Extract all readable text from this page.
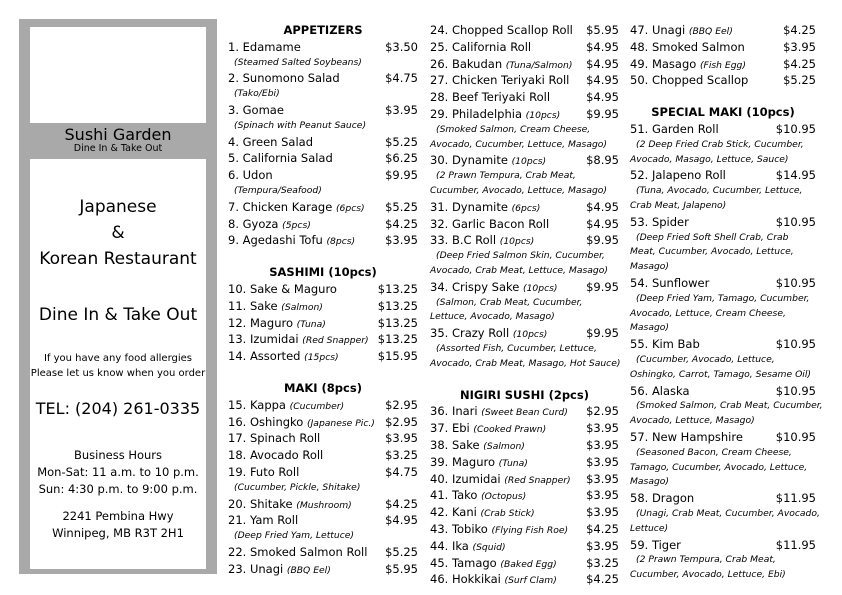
Sushi Garden
Dine In & Take Out
Japanese
&
Korean Restaurant
Dine In & Take Out
If you have any food allergies
Please let us know when you order
TEL: (204) 261-0335
Business Hours
Mon-Sat: 11 a.m. to 10 p.m.
Sun: 4:30 p.m. to 9:00 p.m.
2241 Pembina Hwy
Winnipeg, MB R3T 2H1
APPETIZERS
1. Edamame	$3.50
(Steamed Salted Soybeans)
2. Sunomono Salad	$4.75
(Tako/Ebi)
3. Gomae	$3.95
(Spinach with Peanut Sauce)
4. Green Salad	$5.25
5. California Salad	$6.25
6. Udon	$9.95
(Tempura/Seafood)
7. Chicken Karage (6pcs) $5.25
8. Gyoza (5pcs)	$4.25
9. Agedashi Tofu (8pcs)	$3.95
SASHIMI (10pcs)
10. Sake & Maguro	$13.25
11. Sake (Salmon)	$13.25
12. Maguro (Tuna)	$13.25
13. Izumidai (Red Snapper) $13.25
14. Assorted (15pcs)	$15.95
MAKI (8pcs)
15. Kappa (Cucumber)	$2.95
16. Oshingko (Japanese Pic.) $2.95
17. Spinach Roll	$3.95
18. Avocado Roll	$3.25
19. Futo Roll	$4.75
(Cucumber, Pickle, Shitake)
20. Shitake (Mushroom)	$4.25
21. Yam Roll	$4.95
(Deep Fried Yam, Lettuce)
22. Smoked Salmon Roll $5.25
23. Unagi (BBQ Eel)	$5.95
24. Chopped Scallop Roll $5.95
25. California Roll	$4.95
26. Bakudan (Tuna/Salmon) $4.95
27. Chicken Teriyaki Roll $4.95
28. Beef Teriyaki Roll	$4.95
29. Philadelphia (10pcs) $9.95
(Smoked Salmon, Cream Cheese,
Avocado, Cucumber, Lettuce, Masago)
30. Dynamite (10pcs)	$8.95
(2 Prawn Tempura, Crab Meat,
Cucumber, Avocado, Lettuce, Masago)
31. Dynamite (6pcs)	$4.95
32. Garlic Bacon Roll	$4.95
33. B.C Roll (10pcs)	$9.95
(Deep Fried Salmon Skin, Cucumber,
Avocado, Crab Meat, Lettuce, Masago)
34. Crispy Sake (10pcs) $9.95
(Salmon, Crab Meat, Cucumber,
Lettuce, Avocado, Masago)
35. Crazy Roll (10pcs)	$9.95
(Assorted Fish, Cucumber, Lettuce,
Avocado, Crab Meat, Masago, Hot Sauce)
NIGIRI SUSHI (2pcs)
36. Inari (Sweet Bean Curd) $2.95
37. Ebi (Cooked Prawn)	$3.95
38. Sake (Salmon)	$3.95
39. Maguro (Tuna)	$3.95
40. Izumidai (Red Snapper) $3.95
41. Tako (Octopus)	$3.95
42. Kani (Crab Stick)	$3.95
43. Tobiko (Flying Fish Roe) $4.25
44. Ika (Squid)	$3.95
45. Tamago (Baked Egg)	$3.25
46. Hokkikai (Surf Clam)	$4.25
47. Unagi (BBQ Eel)	$4.25
48. Smoked Salmon	$3.95
49. Masago (Fish Egg)	$4.25
50. Chopped Scallop	$5.25
SPECIAL MAKI (10pcs)
51. Garden Roll	$10.95
(2 Deep Fried Crab Stick, Cucumber,
Avocado, Masago, Lettuce, Sauce)
52. Jalapeno Roll	$14.95
(Tuna, Avocado, Cucumber, Lettuce,
Crab Meat, Jalapeno)
53. Spider	$10.95
(Deep Fried Soft Shell Crab, Crab
Meat, Cucumber, Avocado, Lettuce,
Masago)
54. Sunflower	$10.95
(Deep Fried Yam, Tamago, Cucumber,
Avocado, Lettuce, Cream Cheese,
Masago)
55. Kim Bab	$10.95
(Cucumber, Avocado, Lettuce,
Oshingko, Carrot, Tamago, Sesame Oil)
56. Alaska	$10.95
(Smoked Salmon, Crab Meat, Cucumber,
Avocado, Lettuce, Masago)
57. New Hampshire	$10.95
(Seasoned Bacon, Cream Cheese,
Tamago, Cucumber, Avocado, Lettuce,
Masago)
58. Dragon	$11.95
(Unagi, Crab Meat, Cucumber, Avocado,
Lettuce)
59. Tiger	$11.95
(2 Prawn Tempura, Crab Meat,
Cucumber, Avocado, Lettuce, Ebi)
